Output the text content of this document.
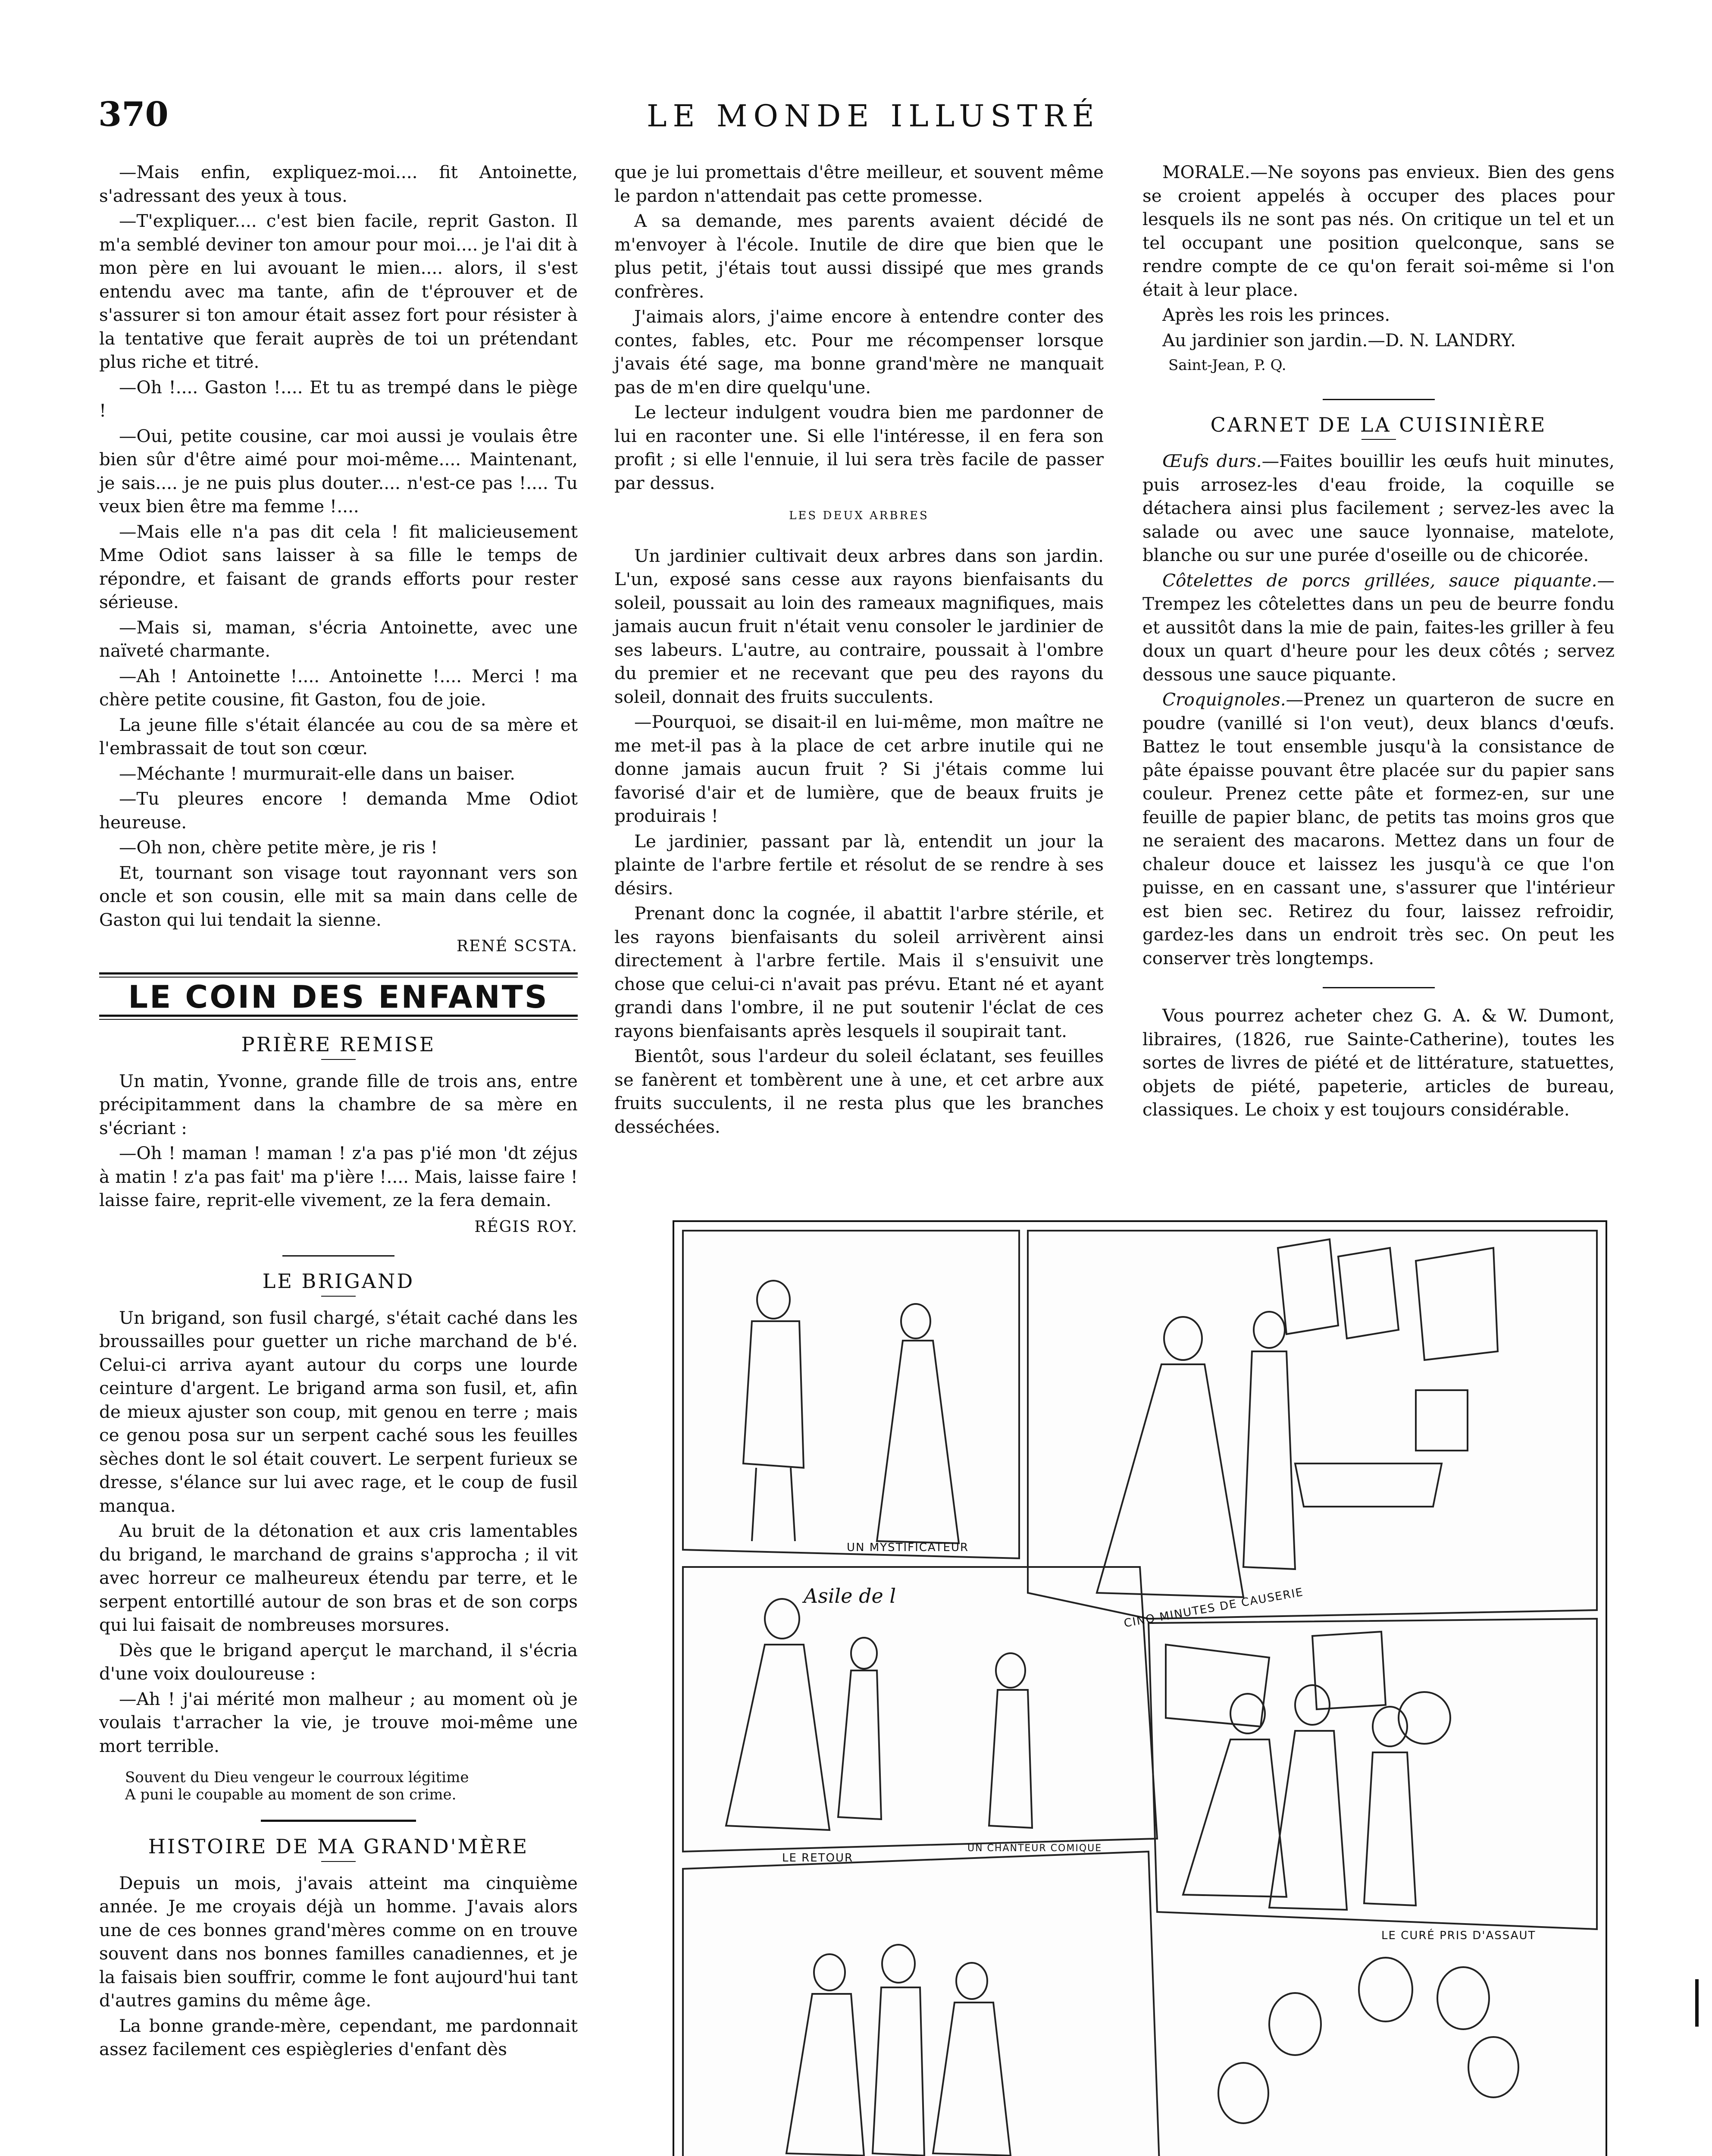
370	LE MONDE ILLUSTRÉ

—Mais enfin, expliquez-moi.... fit Antoinette, s'adressant des yeux à tous.

—T'expliquer.... c'est bien facile, reprit Gaston. Il m'a semblé deviner ton amour pour moi.... je l'ai dit à mon père en lui avouant le mien.... alors, il s'est entendu avec ma tante, afin de t'éprouver et de s'assurer si ton amour était assez fort pour résister à la tentative que ferait auprès de toi un prétendant plus riche et titré.

—Oh !.... Gaston !.... Et tu as trempé dans le piège !

—Oui, petite cousine, car moi aussi je voulais être bien sûr d'être aimé pour moi-même.... Maintenant, je sais.... je ne puis plus douter.... n'est-ce pas !.... Tu veux bien être ma femme !....

—Mais elle n'a pas dit cela ! fit malicieusement Mme Odiot sans laisser à sa fille le temps de répondre, et faisant de grands efforts pour rester sérieuse.

—Mais si, maman, s'écria Antoinette, avec une naïveté charmante.

—Ah ! Antoinette !.... Antoinette !.... Merci ! ma chère petite cousine, fit Gaston, fou de joie.

La jeune fille s'était élancée au cou de sa mère et l'embrassait de tout son cœur.

—Méchante ! murmurait-elle dans un baiser.

—Tu pleures encore ! demanda Mme Odiot heureuse.

—Oh non, chère petite mère, je ris !

Et, tournant son visage tout rayonnant vers son oncle et son cousin, elle mit sa main dans celle de Gaston qui lui tendait la sienne.

RENÉ SCSTA.
LE COIN DES ENFANTS
PRIÈRE REMISE

Un matin, Yvonne, grande fille de trois ans, entre précipitamment dans la chambre de sa mère en s'écriant :

—Oh ! maman ! maman ! z'a pas p'ié mon 'dt zéjus à matin ! z'a pas fait' ma p'ière !.... Mais, laisse faire ! laisse faire, reprit-elle vivement, ze la fera demain.

RÉGIS ROY.
LE BRIGAND

Un brigand, son fusil chargé, s'était caché dans les broussailles pour guetter un riche marchand de b'é. Celui-ci arriva ayant autour du corps une lourde ceinture d'argent. Le brigand arma son fusil, et, afin de mieux ajuster son coup, mit genou en terre ; mais ce genou posa sur un serpent caché sous les feuilles sèches dont le sol était couvert. Le serpent furieux se dresse, s'élance sur lui avec rage, et le coup de fusil manqua.

Au bruit de la détonation et aux cris lamentables du brigand, le marchand de grains s'approcha ; il vit avec horreur ce malheureux étendu par terre, et le serpent entortillé autour de son bras et de son corps qui lui faisait de nombreuses morsures.

Dès que le brigand aperçut le marchand, il s'écria d'une voix douloureuse :

—Ah ! j'ai mérité mon malheur ; au moment où je voulais t'arracher la vie, je trouve moi-même une mort terrible.

Souvent du Dieu vengeur le courroux légitime
A puni le coupable au moment de son crime.
HISTOIRE DE MA GRAND'MÈRE

Depuis un mois, j'avais atteint ma cinquième année. Je me croyais déjà un homme. J'avais alors une de ces bonnes grand'mères comme on en trouve souvent dans nos bonnes familles canadiennes, et je la faisais bien souffrir, comme le font aujourd'hui tant d'autres gamins du même âge.

La bonne grande-mère, cependant, me pardonnait assez facilement ces espiègleries d'enfant dès

que je lui promettais d'être meilleur, et souvent même le pardon n'attendait pas cette promesse.

A sa demande, mes parents avaient décidé de m'envoyer à l'école. Inutile de dire que bien que le plus petit, j'étais tout aussi dissipé que mes grands confrères.

J'aimais alors, j'aime encore à entendre conter des contes, fables, etc. Pour me récompenser lorsque j'avais été sage, ma bonne grand'mère ne manquait pas de m'en dire quelqu'une.

Le lecteur indulgent voudra bien me pardonner de lui en raconter une. Si elle l'intéresse, il en fera son profit ; si elle l'ennuie, il lui sera très facile de passer par dessus.

LES DEUX ARBRES

Un jardinier cultivait deux arbres dans son jardin. L'un, exposé sans cesse aux rayons bienfaisants du soleil, poussait au loin des rameaux magnifiques, mais jamais aucun fruit n'était venu consoler le jardinier de ses labeurs. L'autre, au contraire, poussait à l'ombre du premier et ne recevant que peu des rayons du soleil, donnait des fruits succulents.

—Pourquoi, se disait-il en lui-même, mon maître ne me met-il pas à la place de cet arbre inutile qui ne donne jamais aucun fruit ? Si j'étais comme lui favorisé d'air et de lumière, que de beaux fruits je produirais !

Le jardinier, passant par là, entendit un jour la plainte de l'arbre fertile et résolut de se rendre à ses désirs.

Prenant donc la cognée, il abattit l'arbre stérile, et les rayons bienfaisants du soleil arrivèrent ainsi directement à l'arbre fertile. Mais il s'ensuivit une chose que celui-ci n'avait pas prévu. Etant né et ayant grandi dans l'ombre, il ne put soutenir l'éclat de ces rayons bienfaisants après lesquels il soupirait tant.

Bientôt, sous l'ardeur du soleil éclatant, ses feuilles se fanèrent et tombèrent une à une, et cet arbre aux fruits succulents, il ne resta plus que les branches desséchées.

MORALE.—Ne soyons pas envieux. Bien des gens se croient appelés à occuper des places pour lesquels ils ne sont pas nés. On critique un tel et un tel occupant une position quelconque, sans se rendre compte de ce qu'on ferait soi-même si l'on était à leur place.

Après les rois les princes.

Au jardinier son jardin.—D. N. LANDRY.

Saint-Jean, P. Q.
CARNET DE LA CUISINIÈRE

Œufs durs.—Faites bouillir les œufs huit minutes, puis arrosez-les d'eau froide, la coquille se détachera ainsi plus facilement ; servez-les avec la salade ou avec une sauce lyonnaise, matelote, blanche ou sur une purée d'oseille ou de chicorée.

Côtelettes de porcs grillées, sauce piquante.—Trempez les côtelettes dans un peu de beurre fondu et aussitôt dans la mie de pain, faites-les griller à feu doux un quart d'heure pour les deux côtés ; servez dessous une sauce piquante.

Croquignoles.—Prenez un quarteron de sucre en poudre (vanillé si l'on veut), deux blancs d'œufs. Battez le tout ensemble jusqu'à la consistance de pâte épaisse pouvant être placée sur du papier sans couleur. Prenez cette pâte et formez-en, sur une feuille de papier blanc, de petits tas moins gros que ne seraient des macarons. Mettez dans un four de chaleur douce et laissez les jusqu'à ce que l'on puisse, en en cassant une, s'assurer que l'intérieur est bien sec. Retirez du four, laissez refroidir, gardez-les dans un endroit très sec. On peut les conserver très longtemps.

Vous pourrez acheter chez G. A. & W. Dumont, libraires, (1826, rue Sainte-Catherine), toutes les sortes de livres de piété et de littérature, statuettes, objets de piété, papeterie, articles de bureau, classiques. Le choix y est toujours considérable.

UN MYSTIFICATEUR
CINQ MINUTES DE CAUSERIE
Asile de l
LE RETOUR
UN CHANTEUR COMIQUE
LE CURÉ PRIS D'ASSAUT
